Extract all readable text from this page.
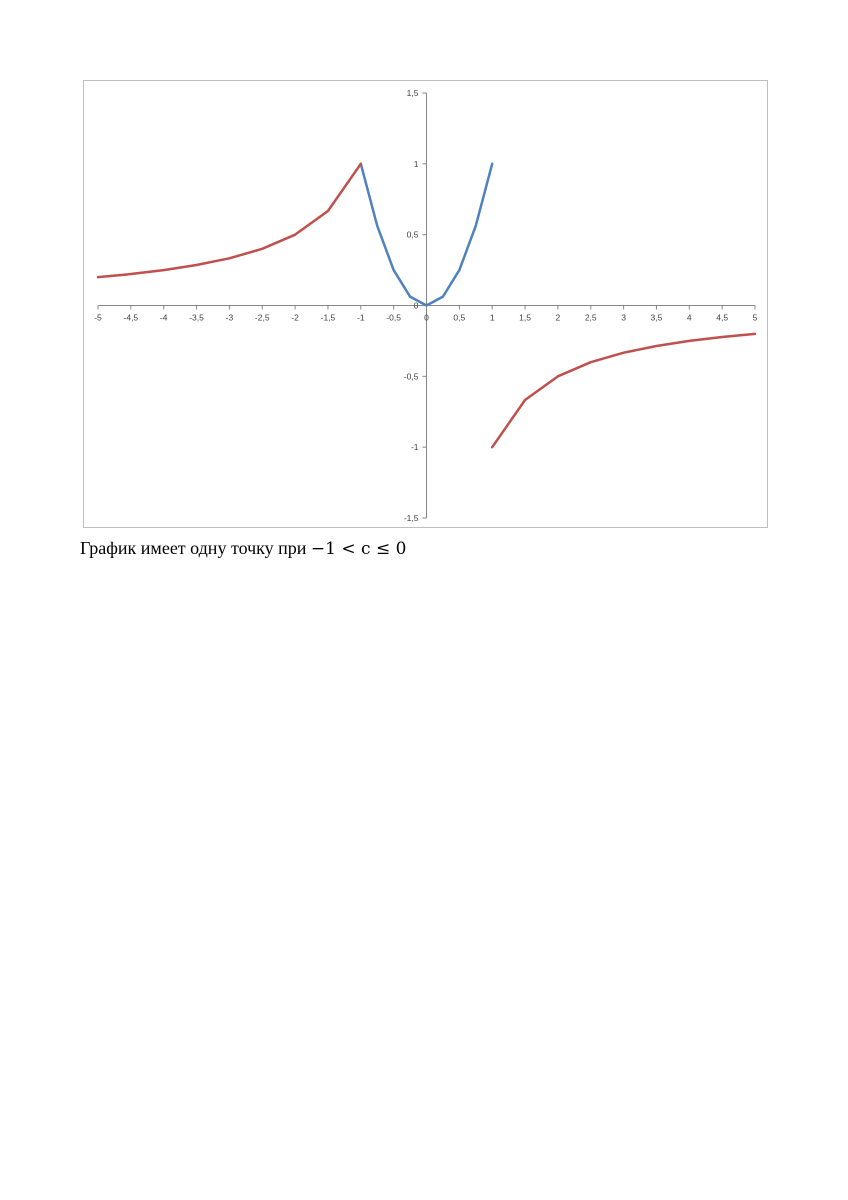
-5	-4,5	-4	-3,5	-3	-2,5	-2	-1,5	-1	-0,5	0	0,5	1	1,5	2	2,5	3	3,5	4	4,5	5
-1,5
-1
-0,5
0
0,5
1
1,5
График имеет одну точку при −1 < c ≤ 0
